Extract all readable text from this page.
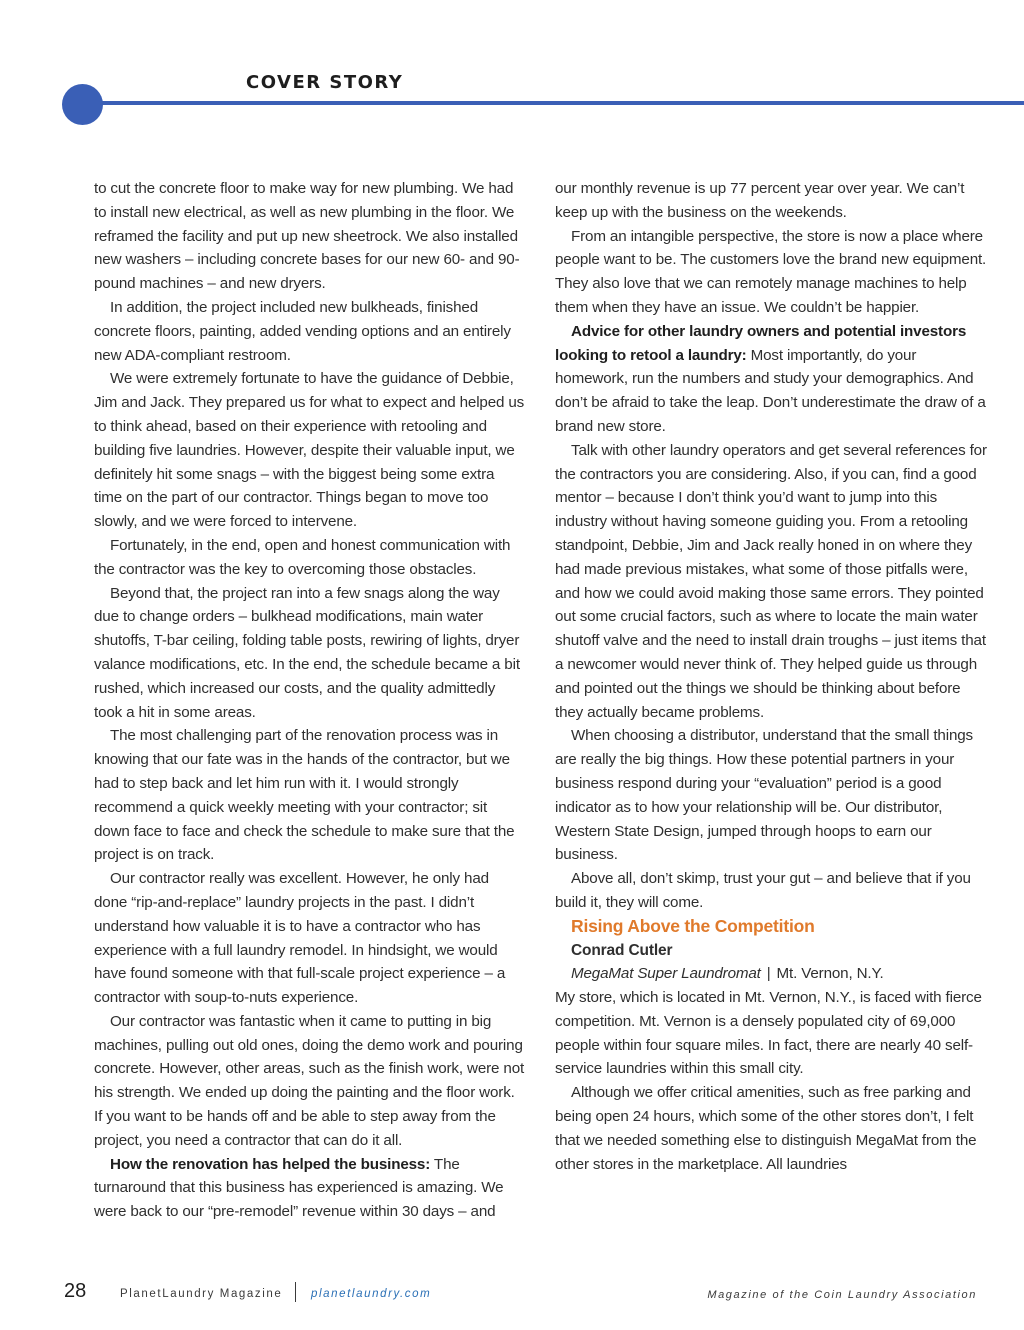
COVER STORY

to cut the concrete floor to make way for new plumbing. We had to install new electrical, as well as new plumbing in the floor. We reframed the facility and put up new sheetrock. We also installed new washers – including concrete bases for our new 60- and 90-pound machines – and new dryers.

In addition, the project included new bulkheads, finished concrete floors, painting, added vending options and an entirely new ADA-compliant restroom.

We were extremely fortunate to have the guidance of Debbie, Jim and Jack. They prepared us for what to expect and helped us to think ahead, based on their experience with retooling and building five laundries. However, despite their valuable input, we definitely hit some snags – with the biggest being some extra time on the part of our contractor. Things began to move too slowly, and we were forced to intervene.

Fortunately, in the end, open and honest communication with the contractor was the key to overcoming those obstacles.

Beyond that, the project ran into a few snags along the way due to change orders – bulkhead modifications, main water shutoffs, T-bar ceiling, folding table posts, rewiring of lights, dryer valance modifications, etc. In the end, the schedule became a bit rushed, which increased our costs, and the quality admittedly took a hit in some areas.

The most challenging part of the renovation process was in knowing that our fate was in the hands of the contractor, but we had to step back and let him run with it. I would strongly recommend a quick weekly meeting with your contractor; sit down face to face and check the schedule to make sure that the project is on track.

Our contractor really was excellent. However, he only had done “rip-and-replace” laundry projects in the past. I didn’t understand how valuable it is to have a contractor who has experience with a full laundry remodel. In hindsight, we would have found someone with that full-scale project experience – a contractor with soup-to-nuts experience.

Our contractor was fantastic when it came to putting in big machines, pulling out old ones, doing the demo work and pouring concrete. However, other areas, such as the finish work, were not his strength. We ended up doing the painting and the floor work. If you want to be hands off and be able to step away from the project, you need a contractor that can do it all.

How the renovation has helped the business: The turnaround that this business has experienced is amazing. We were back to our “pre-remodel” revenue within 30 days – and

our monthly revenue is up 77 percent year over year. We can’t keep up with the business on the weekends.

From an intangible perspective, the store is now a place where people want to be. The customers love the brand new equipment. They also love that we can remotely manage machines to help them when they have an issue. We couldn’t be happier.

Advice for other laundry owners and potential investors looking to retool a laundry: Most importantly, do your homework, run the numbers and study your demographics. And don’t be afraid to take the leap. Don’t underestimate the draw of a brand new store.

Talk with other laundry operators and get several references for the contractors you are considering. Also, if you can, find a good mentor – because I don’t think you’d want to jump into this industry without having someone guiding you. From a retooling standpoint, Debbie, Jim and Jack really honed in on where they had made previous mistakes, what some of those pitfalls were, and how we could avoid making those same errors. They pointed out some crucial factors, such as where to locate the main water shutoff valve and the need to install drain troughs – just items that a newcomer would never think of. They helped guide us through and pointed out the things we should be thinking about before they actually became problems.

When choosing a distributor, understand that the small things are really the big things. How these potential partners in your business respond during your “evaluation” period is a good indicator as to how your relationship will be. Our distributor, Western State Design, jumped through hoops to earn our business.

Above all, don’t skimp, trust your gut – and believe that if you build it, they will come.

Rising Above the Competition

Conrad Cutler

MegaMat Super Laundromat | Mt. Vernon, N.Y.

My store, which is located in Mt. Vernon, N.Y., is faced with fierce competition. Mt. Vernon is a densely populated city of 69,000 people within four square miles. In fact, there are nearly 40 self-service laundries within this small city.

Although we offer critical amenities, such as free parking and being open 24 hours, which some of the other stores don’t, I felt that we needed something else to distinguish MegaMat from the other stores in the marketplace. All laundries

28	PlanetLaundry Magazine planetlaundry.com	Magazine of the Coin Laundry Association
